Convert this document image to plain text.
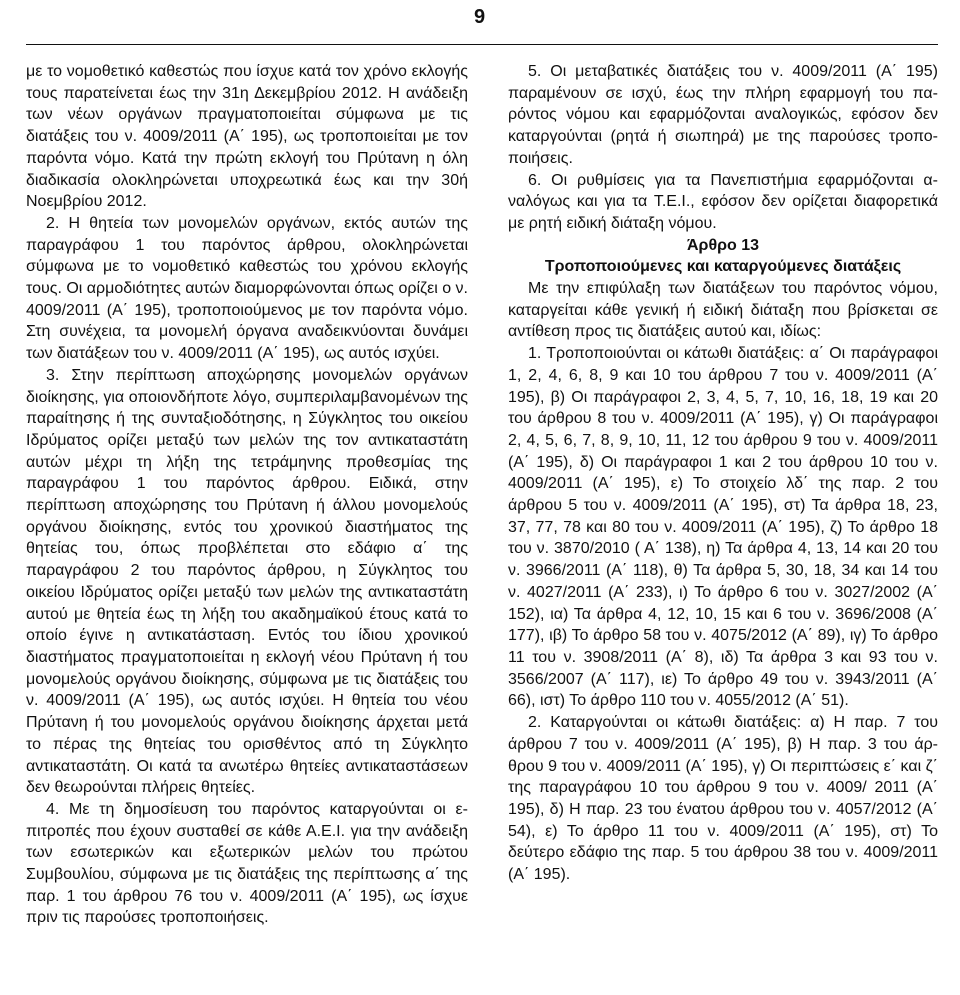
9

με το νομοθετικό καθεστώς που ίσχυε κατά τον χρόνο εκλογής τους παρατείνεται έως την 31η Δεκεμβρίου 2012. Η ανάδειξη των νέων οργάνων πραγματοποιείται σύμφωνα με τις διατάξεις του ν. 4009/2011 (Α΄ 195), ως τροποποιείται με τον παρόντα νόμο. Κατά την πρώτη εκλογή του Πρύτανη η όλη διαδικασία ολοκληρώνεται υποχρεωτικά έως και την 30ή Νοεμβρίου 2012.

2. Η θητεία των μονομελών οργάνων, εκτός αυτών της παραγράφου 1 του παρόντος άρθρου, ολοκληρώνεται σύμφωνα με το νομοθετικό καθεστώς του χρόνου εκλογής τους. Οι αρμοδιότητες αυτών διαμορφώνονται όπως ορίζει ο ν. 4009/2011 (Α΄ 195), τροποποιούμενος με τον παρόντα νόμο. Στη συνέχεια, τα μονομελή όργανα αναδεικνύονται δυνάμει των διατάξεων του ν. 4009/2011 (Α΄ 195), ως αυτός ισχύει.

3. Στην περίπτωση αποχώρησης μονομελών οργάνων διοίκησης, για οποιονδήποτε λόγο, συμπεριλαμβανομένων της παραίτησης ή της συνταξιοδότησης, η Σύγκλητος του οικείου Ιδρύματος ορίζει μεταξύ των μελών της τον αντικαταστάτη αυτών μέχρι τη λήξη της τετράμηνης προθεσμίας της παραγράφου 1 του παρόντος άρθρου. Ειδικά, στην περίπτωση αποχώρησης του Πρύτανη ή άλλου μονομελούς οργάνου διοίκησης, εντός του χρονικού διαστήματος της θητείας του, όπως προβλέπεται στο εδάφιο α΄ της παραγράφου 2 του παρόντος άρθρου, η Σύγκλητος του οικείου Ιδρύματος ορίζει μεταξύ των μελών της αντικαταστάτη αυτού με θητεία έως τη λήξη του ακαδημαϊκού έτους κατά το οποίο έγινε η αντικατάσταση. Εντός του ίδιου χρονικού διαστήματος πραγματοποιείται η εκλογή νέου Πρύτανη ή του μονομελούς οργάνου διοίκησης, σύμφωνα με τις διατάξεις του ν. 4009/2011 (Α΄ 195), ως αυτός ισχύει. Η θητεία του νέου Πρύτανη ή του μονομελούς οργάνου διοίκησης άρχεται μετά το πέρας της θητείας του ορισθέντος από τη Σύγκλητο αντικαταστάτη. Οι κατά τα ανωτέρω θητείες αντικαταστάσεων δεν θεωρούνται πλήρεις θητείες.

4. Με τη δημοσίευση του παρόντος καταργούνται οι επιτροπές που έχουν συσταθεί σε κάθε Α.Ε.Ι. για την ανάδειξη των εσωτερικών και εξωτερικών μελών του πρώτου Συμβουλίου, σύμφωνα με τις διατάξεις της περίπτωσης α΄ της παρ. 1 του άρθρου 76 του ν. 4009/2011 (Α΄ 195), ως ίσχυε πριν τις παρούσες τροποποιήσεις.

5. Οι μεταβατικές διατάξεις του ν. 4009/2011 (Α΄ 195) παραμένουν σε ισχύ, έως την πλήρη εφαρμογή του παρόντος νόμου και εφαρμόζονται αναλογικώς, εφόσον δεν καταργούνται (ρητά ή σιωπηρά) με της παρούσες τροποποιήσεις.

6. Οι ρυθμίσεις για τα Πανεπιστήμια εφαρμόζονται αναλόγως και για τα Τ.Ε.Ι., εφόσον δεν ορίζεται διαφορετικά με ρητή ειδική διάταξη νόμου.

Άρθρο 13

Τροποποιούμενες και καταργούμενες διατάξεις

Με την επιφύλαξη των διατάξεων του παρόντος νόμου, καταργείται κάθε γενική ή ειδική διάταξη που βρίσκεται σε αντίθεση προς τις διατάξεις αυτού και, ιδίως:

1. Τροποποιούνται οι κάτωθι διατάξεις: α΄ Οι παράγραφοι 1, 2, 4, 6, 8, 9 και 10 του άρθρου 7 του ν. 4009/2011 (Α΄ 195), β) Οι παράγραφοι 2, 3, 4, 5, 7, 10, 16, 18, 19 και 20 του άρθρου 8 του ν. 4009/2011 (Α΄ 195), γ) Οι παράγραφοι 2, 4, 5, 6, 7, 8, 9, 10, 11, 12 του άρθρου 9 του ν. 4009/2011 (Α΄ 195), δ) Οι παράγραφοι 1 και 2 του άρθρου 10 του ν. 4009/2011 (Α΄ 195), ε) Το στοιχείο λδ΄ της παρ. 2 του άρθρου 5 του ν. 4009/2011 (Α΄ 195), στ) Τα άρθρα 18, 23, 37, 77, 78 και 80 του ν. 4009/2011 (Α΄ 195), ζ) Το άρθρο 18 του ν. 3870/2010 ( Α΄ 138), η) Τα άρθρα 4, 13, 14 και 20 του ν. 3966/2011 (Α΄ 118), θ) Τα άρθρα 5, 30, 18, 34 και 14 του ν. 4027/2011 (Α΄ 233), ι) Το άρθρο 6 του ν. 3027/2002 (Α΄ 152), ια) Τα άρθρα 4, 12, 10, 15 και 6 του ν. 3696/2008 (Α΄ 177), ιβ) Το άρθρο 58 του ν. 4075/2012 (Α΄ 89), ιγ) Το άρθρο 11 του ν. 3908/2011 (Α΄ 8), ιδ) Τα άρθρα 3 και 93 του ν. 3566/2007 (Α΄ 117), ιε) Το άρθρο 49 του ν. 3943/2011 (Α΄ 66), ιστ) Το άρθρο 110 του ν. 4055/2012 (Α΄ 51).

2. Καταργούνται οι κάτωθι διατάξεις: α) Η παρ. 7 του άρθρου 7 του ν. 4009/2011 (Α΄ 195), β) Η παρ. 3 του άρθρου 9 του ν. 4009/2011 (Α΄ 195), γ) Οι περιπτώσεις ε΄ και ζ΄ της παραγράφου 10 του άρθρου 9 του ν. 4009/ 2011 (Α΄ 195), δ) Η παρ. 23 του ένατου άρθρου του ν. 4057/2012 (Α΄ 54), ε) Το άρθρο 11 του ν. 4009/2011 (Α΄ 195), στ) Το δεύτερο εδάφιο της παρ. 5 του άρθρου 38 του ν. 4009/2011 (Α΄ 195).
